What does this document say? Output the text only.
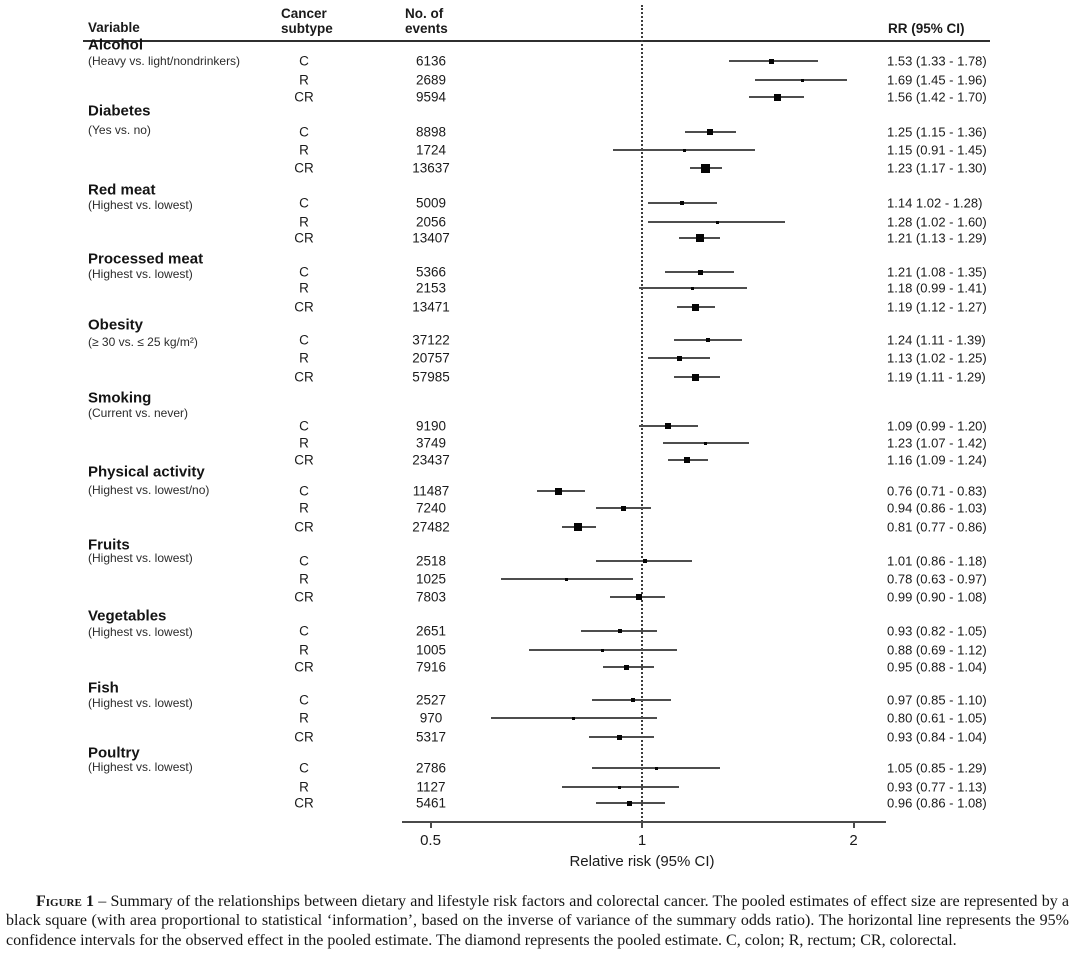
Variable
Cancer
subtype
No. of
events	RR (95% CI)
Alcohol
(Heavy vs. light/nondrinkers)	C	6136	1.53 (1.33 - 1.78)
R	2689	1.69 (1.45 - 1.96)
CR	9594	1.56 (1.42 - 1.70)
Diabetes
(Yes vs. no)	C	8898	1.25 (1.15 - 1.36)
R	1724	1.15 (0.91 - 1.45)
CR	13637	1.23 (1.17 - 1.30)
Red meat
(Highest vs. lowest)	C	5009	1.14 1.02 - 1.28)
R	2056	1.28 (1.02 - 1.60)
CR	13407	1.21 (1.13 - 1.29)
Processed meat
(Highest vs. lowest)	C	5366	1.21 (1.08 - 1.35)
R	2153	1.18 (0.99 - 1.41)
CR	13471	1.19 (1.12 - 1.27)
Obesity
(≥ 30 vs. ≤ 25 kg/m²)	C	37122	1.24 (1.11 - 1.39)
R	20757	1.13 (1.02 - 1.25)
CR	57985	1.19 (1.11 - 1.29)
Smoking
(Current vs. never)
C	9190	1.09 (0.99 - 1.20)
R	3749	1.23 (1.07 - 1.42)
CR	23437	1.16 (1.09 - 1.24)
Physical activity
(Highest vs. lowest/no)	C	11487	0.76 (0.71 - 0.83)
R	7240	0.94 (0.86 - 1.03)
CR	27482	0.81 (0.77 - 0.86)
Fruits
(Highest vs. lowest)	C	2518	1.01 (0.86 - 1.18)
R	1025	0.78 (0.63 - 0.97)
CR	7803	0.99 (0.90 - 1.08)
Vegetables
(Highest vs. lowest)	C	2651	0.93 (0.82 - 1.05)
R	1005	0.88 (0.69 - 1.12)
CR	7916	0.95 (0.88 - 1.04)
Fish
(Highest vs. lowest)	C	2527	0.97 (0.85 - 1.10)
R	970	0.80 (0.61 - 1.05)
CR	5317	0.93 (0.84 - 1.04)
Poultry
(Highest vs. lowest)	C	2786	1.05 (0.85 - 1.29)
R	1127	0.93 (0.77 - 1.13)
CR	5461	0.96 (0.86 - 1.08)
0.5	1	2
Relative risk (95% CI)

Figure 1 – Summary of the relationships between dietary and lifestyle risk factors and colorectal cancer. The pooled estimates of effect size are represented by a black square (with area proportional to statistical ‘information’, based on the inverse of variance of the summary odds ratio). The horizontal line represents the 95% confidence intervals for the observed effect in the pooled estimate. The diamond represents the pooled estimate. C, colon; R, rectum; CR, colorectal.
